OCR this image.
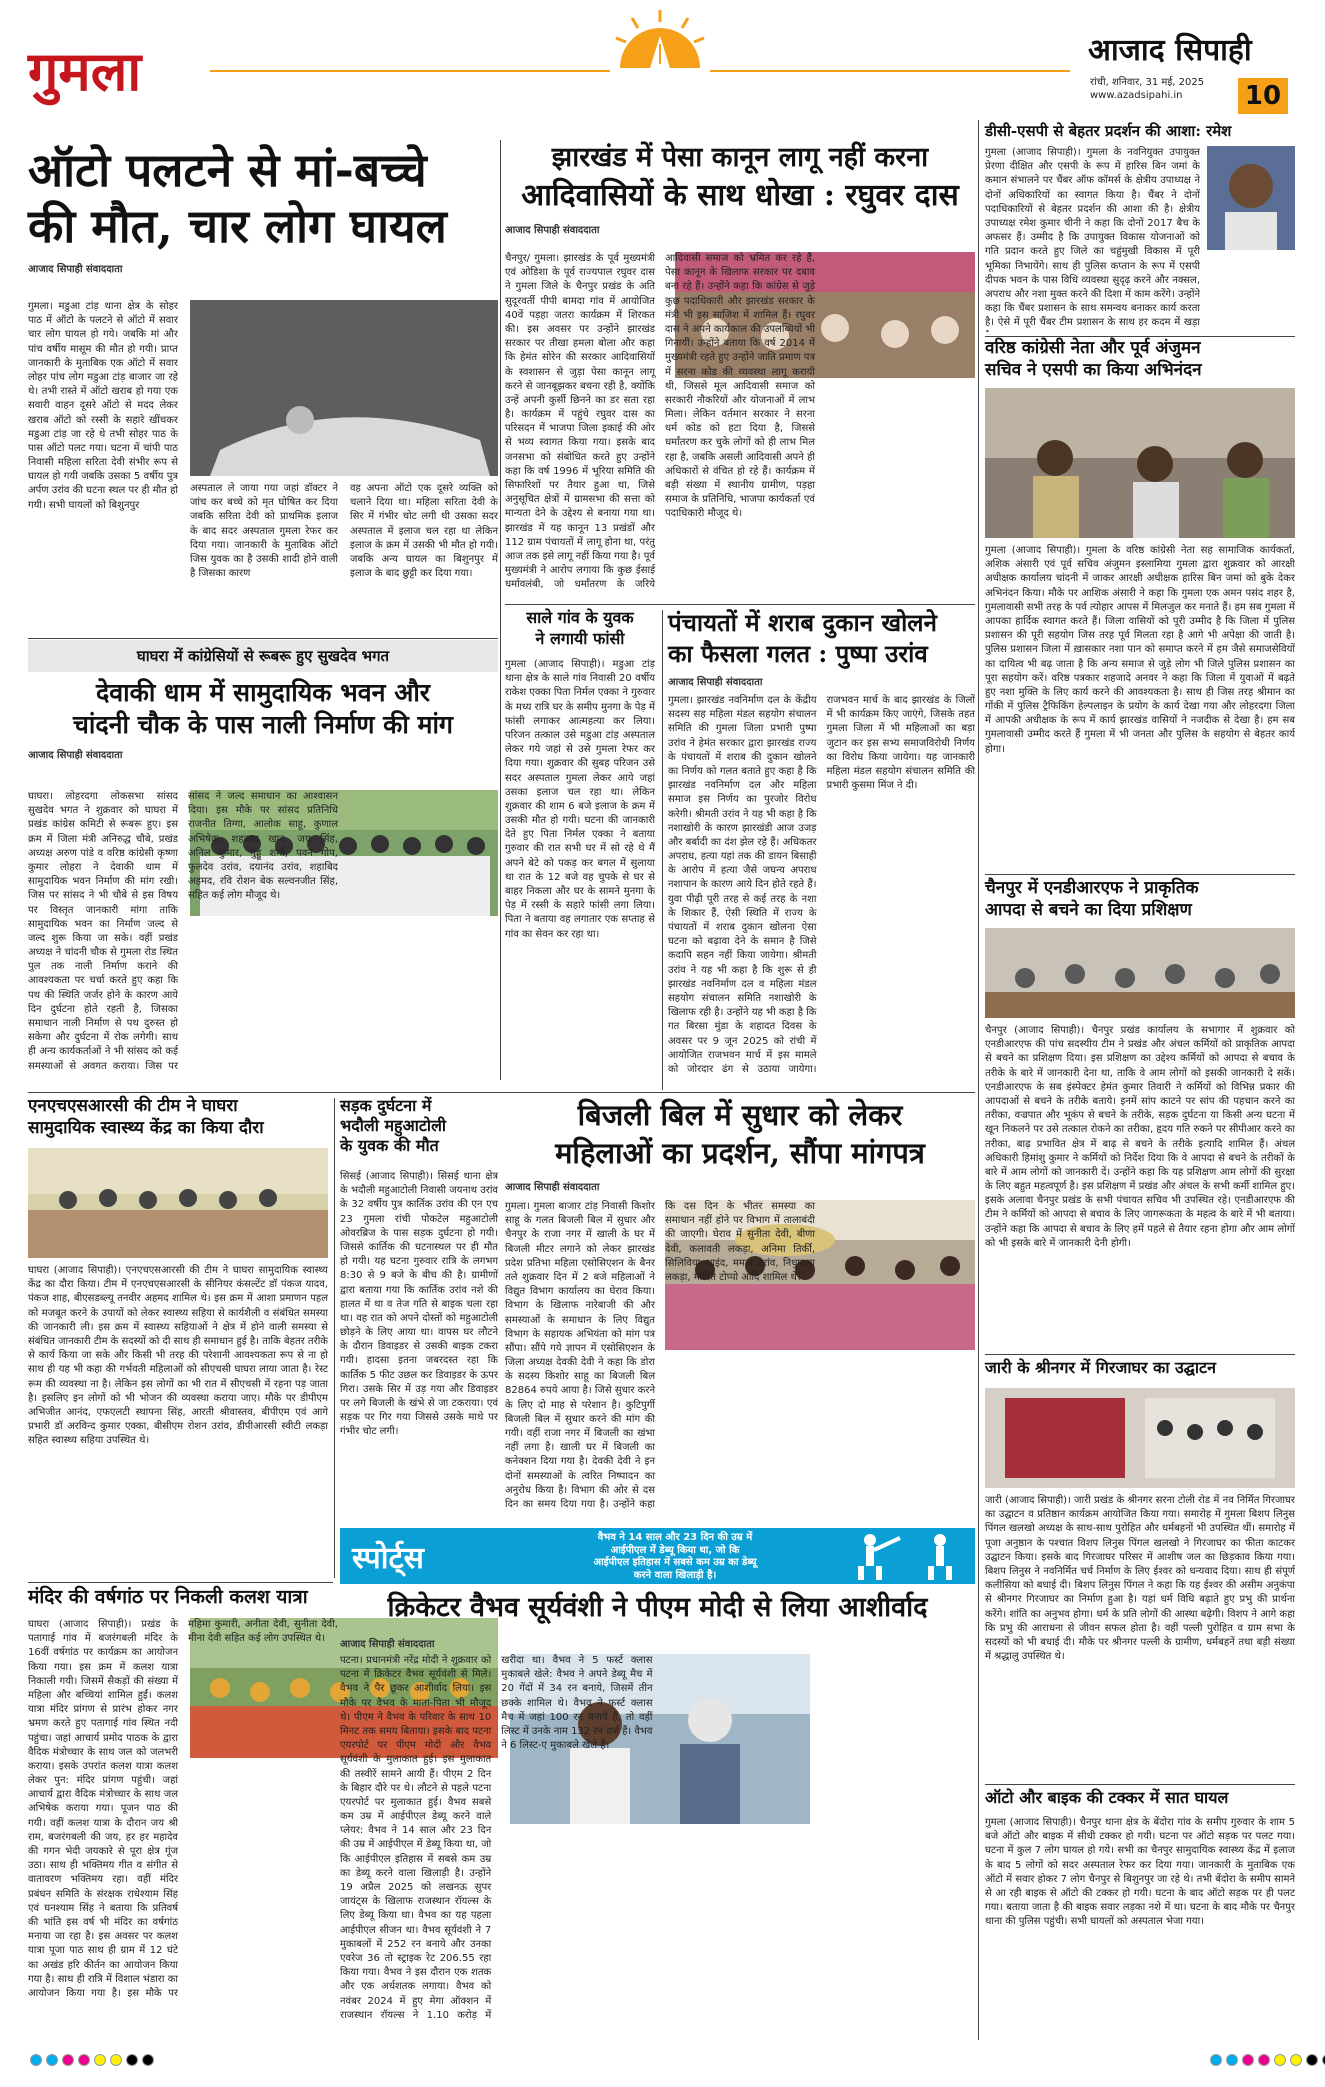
गुमला	आजाद सिपाही
रांची, शनिवार, 31 मई, 2025
www.azadsipahi.in 10
ऑटो पलटने से मां-बच्चे
की मौत, चार लोग घायल
आजाद सिपाही संवाददाता
गुमला। मडुआ टांड़ थाना क्षेत्र के सोहर पाठ में ऑटो के पलटने से ऑटो में सवार चार लोग घायल हो गये। जबकि मां और पांच वर्षीय मासूम की मौत हो गयी। प्राप्त जानकारी के मुताबिक एक ऑटो में सवार लोहर पांच लोग मडुआ टांड़ बाजार जा रहे थे। तभी रास्ते में ऑटो खराब हो गया एक सवारी वाहन दूसरे ऑटो से मदद लेकर खराब ऑटो को रस्सी के सहारे खींचकर मडुआ टांड़ जा रहे थे तभी सोहर पाठ के पास ऑटो पलट गया। घटना में चांपी पाठ निवासी महिला सरिता देवी संभीर रूप से घायल हो गयी जबकि उसका 5 वर्षीय पुत्र अर्पण उरांव की घटना स्थल पर ही मौत हो गयी। सभी घायलों को बिशुनपुर
अस्पताल ले जाया गया जहां डॉक्टर ने जांच कर बच्चे को मृत घोषित कर दिया जबकि सरिता देवी को प्राथमिक इलाज के बाद सदर अस्पताल गुमला रेफर कर दिया गया। जानकारी के मुताबिक ऑटो जिस युवक का है उसकी शादी होने वाली है जिसका कारण
वह अपना ऑटो एक दूसरे व्यक्ति को चलाने दिया था। महिला सरिता देवी के सिर में गंभीर चोट लगी थी उसका सदर अस्पताल में इलाज चल रहा था लेकिन इलाज के क्रम में उसकी भी मौत हो गयी। जबकि अन्य घायल का बिशुनपुर में इलाज के बाद छुट्टी कर दिया गया।
झारखंड में पेसा कानून लागू नहीं करना
आदिवासियों के साथ धोखा : रघुवर दास
आजाद सिपाही संवाददाता
चैनपुर/ गुमला। झारखंड के पूर्व मुख्यमंत्री एवं ओडिशा के पूर्व राज्यपाल रघुवर दास ने गुमला जिले के चैनपुर प्रखंड के अति सुदूरवर्ती पीपी बामदा गांव में आयोजित 40वें पड़हा जतरा कार्यक्रम में शिरकत की। इस अवसर पर उन्होंने झारखंड सरकार पर तीखा हमला बोला और कहा कि हेमंत सोरेन की सरकार आदिवासियों के स्वशासन से जुड़ा पेसा कानून लागू करने से जानबूझकर बचना रही है, क्योंकि उन्हें अपनी कुर्सी छिनने का डर सता रहा है। कार्यक्रम में पहुंचे रघुवर दास का परिसदन में भाजपा जिला इकाई की ओर से भव्य स्वागत किया गया। इसके बाद जनसभा को संबोधित करते हुए उन्होंने कहा कि वर्ष 1996 में भूरिया समिति की सिफारिशों पर तैयार हुआ था, जिसे अनुसूचित क्षेत्रों में ग्रामसभा की सत्ता को मान्यता देने के उद्देश्य से बनाया गया था। झारखंड में यह कानून 13 प्रखंडों और 112 ग्राम पंचायतों में लागू होना था, परंतु आज तक इसे लागू नहीं किया गया है। पूर्व मुख्यमंत्री ने आरोप लगाया कि कुछ ईसाई धर्मावलंबी, जो धर्मांतरण के जरिये आदिवासी समाज को भ्रमित कर रहे हैं, पेसा कानून के खिलाफ सरकार पर दबाव बना रहे हैं। उन्होंने कहा कि कांग्रेस से जुड़े कुछ पदाधिकारी और झारखंड सरकार के मंत्री भी इस साजिश में शामिल हैं। रघुवर दास ने अपने कार्यकाल की उपलब्धियों भी गिनायीं। उन्होंने बताया कि वर्ष 2014 में मुख्यमंत्री रहते हुए उन्होंने जाति प्रमाण पत्र में सरना कोड की व्यवस्था लागू करायी थी, जिससे मूल आदिवासी समाज को सरकारी नौकरियों और योजनाओं में लाभ मिला। लेकिन वर्तमान सरकार ने सरना धर्म कोड को हटा दिया है, जिससे धर्मांतरण कर चुके लोगों को ही लाभ मिल रहा है, जबकि असली आदिवासी अपने ही अधिकारों से वंचित हो रहे हैं। कार्यक्रम में बड़ी संख्या में स्थानीय ग्रामीण, पड़हा समाज के प्रतिनिधि, भाजपा कार्यकर्ता एवं पदाधिकारी मौजूद थे।
डीसी-एसपी से बेहतर प्रदर्शन की आशा: रमेश
गुमला (आजाद सिपाही)। गुमला के नवनियुक्त उपायुक्त प्रेरणा दीक्षित और एसपी के रूप में हारिस बिन जमां के कमान संभालने पर चैंबर ऑफ कॉमर्स के क्षेत्रीय उपाध्यक्ष ने दोनों अधिकारियों का स्वागत किया है। चैंबर ने दोनों पदाधिकारियों से बेहतर प्रदर्शन की आशा की है। क्षेत्रीय उपाध्यक्ष रमेश कुमार चीनी ने कहा कि दोनों 2017 बैच के अफसर हैं। उम्मीद है कि उपायुक्त विकास योजनाओं को गति प्रदान करते हुए जिले का चहुंमुखी विकास में पूरी भूमिका निभायेंगे। साथ ही पुलिस कप्तान के रूप में एसपी दीपक भवन के पास विधि व्यवस्था सुदृढ़ करने और नक्सल, अपराध और नशा मुक्त करने की दिशा में काम करेंगे। उन्होंने कहा कि चैंबर प्रशासन के साथ समन्वय बनाकर कार्य करता है। ऐसे में पूरी चैंबर टीम प्रशासन के साथ हर कदम में खड़ा
वरिष्ठ कांग्रेसी नेता और पूर्व अंजुमन
सचिव ने एसपी का किया अभिनंदन
गुमला (आजाद सिपाही)। गुमला के वरिष्ठ कांग्रेसी नेता सह सामाजिक कार्यकर्ता, अशिक अंसारी एवं पूर्व सचिव अंजुमन इस्लामिया गुमला द्वारा शुक्रवार को आरक्षी अधीक्षक कार्यालय चांदनी में जाकर आरक्षी अधीक्षक हारिस बिन जमां को बुके देकर अभिनंदन किया। मौके पर आशिक अंसारी ने कहा कि गुमला एक अमन पसंद शहर है, गुमलावासी सभी तरह के पर्व त्योहार आपस में मिलजुल कर मनाते हैं। हम सब गुमला में आपका हार्दिक स्वागत करते हैं। जिला वासियों को पूरी उम्मीद है कि जिला में पुलिस प्रशासन की पूरी सहयोग जिस तरह पूर्व मिलता रहा है आगे भी अपेक्षा की जाती है। पुलिस प्रशासन जिला में ख़ासकार नशा पान को समाप्त करने में हम जैसे समाजसेवियों का दायित्व भी बढ़ जाता है कि अन्य समाज से जुड़े लोग भी जिले पुलिस प्रशासन का पूरा सहयोग करें। वरिष्ठ पत्रकार शहजादे अनवर ने कहा कि जिला में युवाओं में बढ़ते हुए नशा मुक्ति के लिए कार्य करने की आवश्यकता है। साथ ही जिस तरह श्रीमान का गोंकी में पुलिस ट्रैफिकिंग हेल्पलाइन के प्रयोग के कार्य देखा गया और लोहरदगा जिला में आपकी अधीक्षक के रूप में कार्य झारखंड वासियों ने नजदीक से देखा है। हम सब गुमलावासी उम्मीद करते हैं गुमला में भी जनता और पुलिस के सहयोग से बेहतर कार्य होगा।
चैनपुर में एनडीआरएफ ने प्राकृतिक
आपदा से बचने का दिया प्रशिक्षण
चैनपुर (आजाद सिपाही)। चैनपुर प्रखंड कार्यालय के सभागार में शुक्रवार को एनडीआरएफ की पांच सदस्यीय टीम ने प्रखंड और अंचल कर्मियों को प्राकृतिक आपदा से बचने का प्रशिक्षण दिया। इस प्रशिक्षण का उद्देश्य कर्मियों को आपदा से बचाव के तरीके के बारे में जानकारी देना था, ताकि वे आम लोगों को इसकी जानकारी दे सकें। एनडीआरएफ के सब इंस्पेक्टर हेमंत कुमार तिवारी ने कर्मियों को विभिन्न प्रकार की आपदाओं से बचने के तरीके बताये। इनमें सांप काटने पर सांप की पहचान करने का तरीका, वज्रपात और भूकंप से बचने के तरीके, सड़क दुर्घटना या किसी अन्य घटना में खून निकलने पर उसे तत्काल रोकने का तरीका, हृदय गति रुकने पर सीपीआर करने का तरीका, बाढ़ प्रभावित क्षेत्र में बाढ़ से बचने के तरीके इत्यादि शामिल हैं। अंचल अधिकारी हिमांशु कुमार ने कर्मियों को निर्देश दिया कि वे आपदा से बचने के तरीकों के बारे में आम लोगों को जानकारी दें। उन्होंने कहा कि यह प्रशिक्षण आम लोगों की सुरक्षा के लिए बहुत महत्वपूर्ण है। इस प्रशिक्षण में प्रखंड और अंचल के सभी कर्मी शामिल हुए। इसके अलावा चैनपुर प्रखंड के सभी पंचायत सचिव भी उपस्थित रहे। एनडीआरएफ की टीम ने कर्मियों को आपदा से बचाव के लिए जागरूकता के महत्व के बारे में भी बताया। उन्होंने कहा कि आपदा से बचाव के लिए हमें पहले से तैयार रहना होगा और आम लोगों को भी इसके बारे में जानकारी देनी होगी।
घाघरा में कांग्रेसियों से रूबरू हुए सुखदेव भगत
देवाकी धाम में सामुदायिक भवन और
चांदनी चौक के पास नाली निर्माण की मांग
आजाद सिपाही संवाददाता
घाघरा। लोहरदगा लोकसभा सांसद सुखदेव भगत ने शुक्रवार को घाघरा में प्रखंड कांग्रेस कमिटी से रूबरू हुए। इस क्रम में जिला मंत्री अनिरुद्ध चौबे, प्रखंड अध्यक्ष अरुण पांडे व वरिष्ठ कांग्रेसी कृष्णा कुमार लोहरा ने देवाकी धाम में सामुदायिक भवन निर्माण की मांग रखी। जिस पर सांसद ने भी चौबे से इस विषय पर विस्तृत जानकारी मांगा ताकि सामुदायिक भवन का निर्माण जल्द से जल्द शुरू किया जा सके। वहीं प्रखंड अध्यक्ष ने चांदनी चौक से गुमला रोड स्थित पुल तक नाली निर्माण कराने की आवश्यकता पर चर्चा करते हुए कहा कि पथ की स्थिति जर्जर होने के कारण आये दिन दुर्घटना होते रहती है, जिसका समाधान नाली निर्माण से पथ दुरुस्त हो सकेगा और दुर्घटना में रोक लगेगी। साथ ही अन्य कार्यकर्ताओं ने भी सांसद को कई समस्याओं से अवगत कराया। जिस पर सांसद ने जल्द समाधान का आश्वासन दिया। इस मौके पर सांसद प्रतिनिधि राजनीत तिग्गा, आलोक साहू, कुणाल अभिषेक, शहजाद खान, जय सिंह, अनिल कुमार, गुड्डू शर्मा, पवन गोप, फुलदेव उरांव, दयानंद उरांव, शहाबिद अहमद, रवि रोशन बेक सल्वनजीत सिंह, सहित कई लोग मौजूद थे।
साले गांव के युवक
ने लगायी फांसी
गुमला (आजाद सिपाही)। मडुआ टांड़ थाना क्षेत्र के साले गांव निवासी 20 वर्षीय राकेश एक्का पिता निर्मल एक्का ने गुरुवार के मध्य रात्रि घर के समीप मुनगा के पेड़ में फांसी लगाकर आत्महत्या कर लिया। परिजन तत्काल उसे मडुआ टांड़ अस्पताल लेकर गये जहां से उसे गुमला रेफर कर दिया गया। शुक्रवार की सुबह परिजन उसे सदर अस्पताल गुमला लेकर आये जहां उसका इलाज चल रहा था। लेकिन शुक्रवार की शाम 6 बजे इलाज के क्रम में उसकी मौत हो गयी। घटना की जानकारी देते हुए पिता निर्मल एक्का ने बताया गुरुवार की रात सभी घर में सो रहे थे मैं अपने बेटे को पकड़ कर बगल में सुलाया था रात के 12 बजे वह चुपके से घर से बाहर निकला और घर के सामने मुनगा के पेड़ में रस्सी के सहारे फांसी लगा लिया। पिता ने बताया वह लगातार एक सप्ताह से गांव का सेवन कर रहा था।
पंचायतों में शराब दुकान खोलने
का फैसला गलत : पुष्पा उरांव
आजाद सिपाही संवाददाता
गुमला। झारखंड नवनिर्माण दल के केंद्रीय सदस्य सह महिला मंडल सहयोग संचालन समिति की गुमला जिला प्रभारी पुष्पा उरांव ने हेमंत सरकार द्वारा झारखंड राज्य के पंचायतों में शराब की दुकान खोलने का निर्णय को गलत बताते हुए कहा है कि झारखंड नवनिर्माण दल और महिला समाज इस निर्णय का पुरजोर विरोध करेगी। श्रीमती उरांव ने यह भी कहा है कि नशाखोरी के कारण झारखंडी आज उजड़ और बर्बादी का दंश झेल रहे हैं। अधिकतर अपराध, हत्या यहां तक की डायन बिसाही के आरोप में हत्या जैसे जघन्य अपराध नशापान के कारण आये दिन होते रहते हैं। युवा पीढ़ी पूरी तरह से कई तरह के नशा के शिकार हैं, ऐसी स्थिति में राज्य के पंचायतों में शराब दुकान खोलना ऐसा घटना को बढ़ावा देने के समान है जिसे कदापि सहन नहीं किया जायेगा। श्रीमती उरांव ने यह भी कहा है कि शुरू से ही झारखंड नवनिर्माण दल व महिला मंडल सहयोग संचालन समिति नशाखोरी के खिलाफ रही है। उन्होंने यह भी कहा है कि गत बिरसा मुंडा के शहादत दिवस के अवसर पर 9 जून 2025 को रांची में आयोजित राजभवन मार्च में इस मामले को जोरदार ढंग से उठाया जायेगा। राजभवन मार्च के बाद झारखंड के जिलों में भी कार्यक्रम किए जाएंगे, जिसके तहत गुमला जिला में भी महिलाओं का बड़ा जुटान कर इस सभ्य समाजविरोधी निर्णय का विरोध किया जायेगा। यह जानकारी महिला मंडल सहयोग संचालन समिति की प्रभारी कुसमा मिंज ने दी।
एनएचएसआरसी की टीम ने घाघरा
सामुदायिक स्वास्थ्य केंद्र का किया दौरा
घाघरा (आजाद सिपाही)। एनएचएसआरसी की टीम ने घाघरा सामुदायिक स्वास्थ्य केंद्र का दौरा किया। टीम में एनएचएसआरसी के सीनियर कंसल्टेंट डॉ पंकज यादव, पंकज शाह, बीएसडब्ल्यू तनवीर अहमद शामिल थे। इस क्रम में आशा प्रमाणन पहल को मजबूत करने के उपायों को लेकर स्वास्थ्य सहिया से कार्यशैली व संबंधित समस्या की जानकारी ली। इस क्रम में स्वास्थ्य सहियाओं ने क्षेत्र में होने वाली समस्या से संबंधित जानकारी टीम के सदस्यों को दी साथ ही समाधान हुई है। ताकि बेहतर तरीके से कार्य किया जा सके और किसी भी तरह की परेशानी आवश्यकता रूप से ना हो साथ ही यह भी कहा की गर्भवती महिलाओं को सीएचसी घाघरा लाया जाता है। रेस्ट रूम की व्यवस्था ना है। लेकिन इस लोगों का भी रात में सीएचसी में रहना पड़ जाता है। इसलिए इन लोगों को भी भोजन की व्यवस्था कराया जाए। मौके पर डीपीएम अभिजीत आनंद, एफएलटी स्थापना सिंह, आरती श्रीवास्तव, बीपीएम एवं आगे प्रभारी डॉ अरविन्द कुमार एक्का, बीसीएम रोशन उरांव, डीपीआरसी स्वीटी लकड़ा सहित स्वास्थ्य सहिया उपस्थित थे।
सड़क दुर्घटना में
भदौली महुआटोली
के युवक की मौत
सिसई (आजाद सिपाही)। सिसई थाना क्षेत्र के भदौली महुआटोली निवासी जयनाथ उरांव के 32 वर्षीय पुत्र कार्तिक उरांव की एन एच 23 गुमला रांची पोकटेल महुआटोली ओवरब्रिज के पास सड़क दुर्घटना हो गयी। जिससे कार्तिक की घटनास्थल पर ही मौत हो गयी। यह घटना गुरुवार रात्रि के लगभग 8:30 से 9 बजे के बीच की है। ग्रामीणों द्वारा बताया गया कि कार्तिक उरांव नशे की हालत में था व तेज गति से बाइक चला रहा था। वह रात को अपने दोस्तों को महुआटोली छोड़ने के लिए आया था। वापस घर लौटने के दौरान डिवाइडर से उसकी बाइक टकरा गयी। हादसा इतना जबरदस्त रहा कि कार्तिक 5 फीट उछल कर डिवाइडर के ऊपर गिरा। उसके सिर में उड़ गया और डिवाइडर पर लगे बिजली के खंभे से जा टकराया। एवं सड़क पर गिर गया जिससे उसके माथे पर गंभीर चोट लगी।
बिजली बिल में सुधार को लेकर
महिलाओं का प्रदर्शन, सौंपा मांगपत्र
आजाद सिपाही संवाददाता
गुमला। गुमला बाजार टांड़ निवासी किशोर साहू के गलत बिजली बिल में सुधार और चैनपुर के राजा नगर में खाली के घर में बिजली मीटर लगाने को लेकर झारखंड प्रदेश प्रतिभा महिला एसोसिएशन के बैनर तले शुक्रवार दिन में 2 बजे महिलाओं ने विद्युत विभाग कार्यालय का घेराव किया। विभाग के खिलाफ नारेबाजी की और समस्याओं के समाधान के लिए विद्युत विभाग के सहायक अभियंता को मांग पत्र सौंपा। सौंपे गये ज्ञापन में एसोसिएशन के जिला अध्यक्ष देवकी देवी ने कहा कि डोरा के सदस्य किशोर साहू का बिजली बिल 82864 रुपये आया है। जिसे सुधार करने के लिए दो माह से परेशान है। कुटिपुर्गी बिजली बिल में सुधार करने की मांग की गयी। वहीं राजा नगर में बिजली का खंभा नहीं लगा है। खाली घर में बिजली का कनेक्शन दिया गया है। देवकी देवी ने इन दोनों समस्याओं के त्वरित निष्पादन का अनुरोध किया है। विभाग की ओर से दस दिन का समय दिया गया है। उन्होंने कहा कि दस दिन के भीतर समस्या का समाधान नहीं होने पर विभाग में तालाबंदी की जाएगी। घेराव में सुनीता देवी, बीणा देवी, कलावती लकड़ा, अनिमा तिर्की, सिलिविया आइंद, ममता उरांव, निधुपाला लकड़ा, मोदित टोप्पो आदि शामिल थे।
मंदिर की वर्षगांठ पर निकली कलश यात्रा
घाघरा (आजाद सिपाही)। प्रखंड के पतागाई गांव में बजरंगबली मंदिर के 16वीं वर्षगांठ पर कार्यक्रम का आयोजन किया गया। इस क्रम में कलश यात्रा निकाली गयी। जिसमें सैकड़ों की संख्या में महिला और बच्चियां शामिल हुईं। कलश यात्रा मंदिर प्रांगण से प्रारंभ होकर नगर भ्रमण करते हुए पतागाई गांव स्थित नदी पहुंचा। जहां आचार्य प्रमोद पाठक के द्वारा वैदिक मंत्रोच्चार के साथ जल को जलभरी कराया। इसके उपरांत कलश यात्रा कलश लेकर पुन: मंदिर प्रांगण पहुंची। जहां आचार्य द्वारा वैदिक मंत्रोच्चार के साथ जल अभिषेक कराया गया। पूजन पाठ की गयी। वहीं कलश यात्रा के दौरान जय श्री राम, बजरंगबली की जय, हर हर महादेव की गगन भेदी जयकारे से पूरा क्षेत्र गूंज उठा। साथ ही भक्तिमय गीत व संगीत से वातावरण भक्तिमय रहा। वहीं मंदिर प्रबंधन समिति के संरक्षक राधेश्याम सिंह एवं घनश्याम सिंह ने बताया कि प्रतिवर्ष की भांति इस वर्ष भी मंदिर का वर्षगांठ मनाया जा रहा है। इस अवसर पर कलश यात्रा पूजा पाठ साथ ही ग्राम में 12 घंटे का अखंड हरि कीर्तन का आयोजन किया गया है। साथ ही रात्रि में विशाल भंडारा का आयोजन किया गया है। इस मौके पर महिमा कुमारी, अनीता देवी, सुनीता देवी, मीना देवी सहित कई लोग उपस्थित थे।
स्पोर्ट्स
वैभव ने 14 साल और 23 दिन की उम्र में
आईपीएल में डेब्यू किया था, जो कि
आईपीएल इतिहास में सबसे कम उम्र का डेब्यू
करने वाला खिलाड़ी है।
क्रिकेटर वैभव सूर्यवंशी ने पीएम मोदी से लिया आशीर्वाद
आजाद सिपाही संवाददाता
पटना। प्रधानमंत्री नरेंद्र मोदी ने शुक्रवार को पटना में क्रिकेटर वैभव सूर्यवंशी से मिले। वैभव ने पैर छूकर आशीर्वाद लिया। इस मौके पर वैभव के माता-पिता भी मौजूद थे। पीएम ने वैभव के परिवार के साथ 10 मिनट तक समय बिताया। इसके बाद पटना एयरपोर्ट पर पीएम मोदी और वैभव सूर्यवंशी के मुलाकात हुई। इस मुलाकात की तस्वीरें सामने आयी हैं। पीएम 2 दिन के बिहार दौरे पर थे। लौटने से पहले पटना एयरपोर्ट पर मुलाकात हुई। वैभव सबसे कम उम्र में आईपीएल डेब्यू करने वाले प्लेयर: वैभव ने 14 साल और 23 दिन की उम्र में आईपीएल में डेब्यू किया था, जो कि आईपीएल इतिहास में सबसे कम उम्र का डेब्यू करने वाला खिलाड़ी है। उन्होंने 19 अप्रैल 2025 को लखनऊ सुपर जायंट्स के खिलाफ राजस्थान रॉयल्स के लिए डेब्यू किया था। वैभव का यह पहला आईपीएल सीजन था। वैभव सूर्यवंशी ने 7 मुकाबलों में 252 रन बनाये और उनका एवरेज 36 तो स्ट्राइक रेट 206.55 रहा किया गया। वैभव ने इस दौरान एक शतक और एक अर्धशतक लगाया। वैभव को नवंबर 2024 में हुए मेगा ऑक्शन में राजस्थान रॉयल्स ने 1.10 करोड़ में खरीदा था। वैभव ने 5 फर्स्ट क्लास मुकाबले खेले: वैभव ने अपने डेब्यू मैच में 20 गेंदों में 34 रन बनाये, जिसमें तीन छक्के शामिल थे। वैभव ने फर्स्ट क्लास मैच में जहां 100 रन बनाये हैं, तो वहीं लिस्ट में उनके नाम 132 रन दर्ज हैं। वैभव ने 6 लिस्ट-ए मुकाबले खेले हैं।
जारी के श्रीनगर में गिरजाघर का उद्घाटन
जारी (आजाद सिपाही)। जारी प्रखंड के श्रीनगर सरना टोली रोड में नव निर्मित गिरजाघर का उद्घाटन व प्रतिष्ठान कार्यक्रम आयोजित किया गया। समारोह में गुमला बिशप लिनुस पिंगल खलखो अध्यक्ष के साथ-साथ पुरोहित और धर्मबहनों भी उपस्थित थीं। समारोह में पूजा अनुष्ठान के पश्चात विशप लिनुस पिंगल खलखो ने गिरजाघर का फीता काटकर उद्घाटन किया। इसके बाद गिरजाघर परिसर में आशीष जल का छिड़काव किया गया। बिशप लिनुस ने नवनिर्मित चर्च निर्माण के लिए ईश्वर को धन्यवाद दिया। साथ ही संपूर्ण कलीसिया को बधाई दी। बिशप लिनुस पिंगल ने कहा कि यह ईश्वर की असीम अनुकंपा से श्रीनगर गिरजाघर का निर्माण हुआ है। यहां धर्म विधि बढ़ाते हुए प्रभु की प्रार्थना करेंगे। शांति का अनुभव होगा। धर्म के प्रति लोगों की आस्था बढ़ेगी। विशप ने आगे कहा कि प्रभु की आराधना से जीवन सफल होता है। वहीं पल्ली पुरोहित व ग्राम सभा के सदस्यों को भी बधाई दी। मौके पर श्रीनगर पल्ली के ग्रामीण, धर्मबहनें तथा बड़ी संख्या में श्रद्धालु उपस्थित थे।
ऑटो और बाइक की टक्कर में सात घायल
गुमला (आजाद सिपाही)। चैनपुर थाना क्षेत्र के बेंदोरा गांव के समीप गुरुवार के शाम 5 बजे ऑटो और बाइक में सीधी टक्कर हो गयी। घटना पर ऑटो सड़क पर पलट गया। घटना में कुल 7 लोग घायल हो गये। सभी का चैनपुर सामुदायिक स्वास्थ्य केंद्र में इलाज के बाद 5 लोगों को सदर अस्पताल रेफर कर दिया गया। जानकारी के मुताबिक एक ऑटो में सवार होकर 7 लोग चैनपुर से बिशुनपुर जा रहे थे। तभी बेंदोरा के समीप सामने से आ रही बाइक से ऑटो की टक्कर हो गयी। घटना के बाद ऑटो सड़क पर ही पलट गया। बताया जाता है की बाइक सवार लड़का नशे में था। घटना के बाद मौके पर चैनपुर थाना की पुलिस पहुंची। सभी घायलों को अस्पताल भेजा गया।
